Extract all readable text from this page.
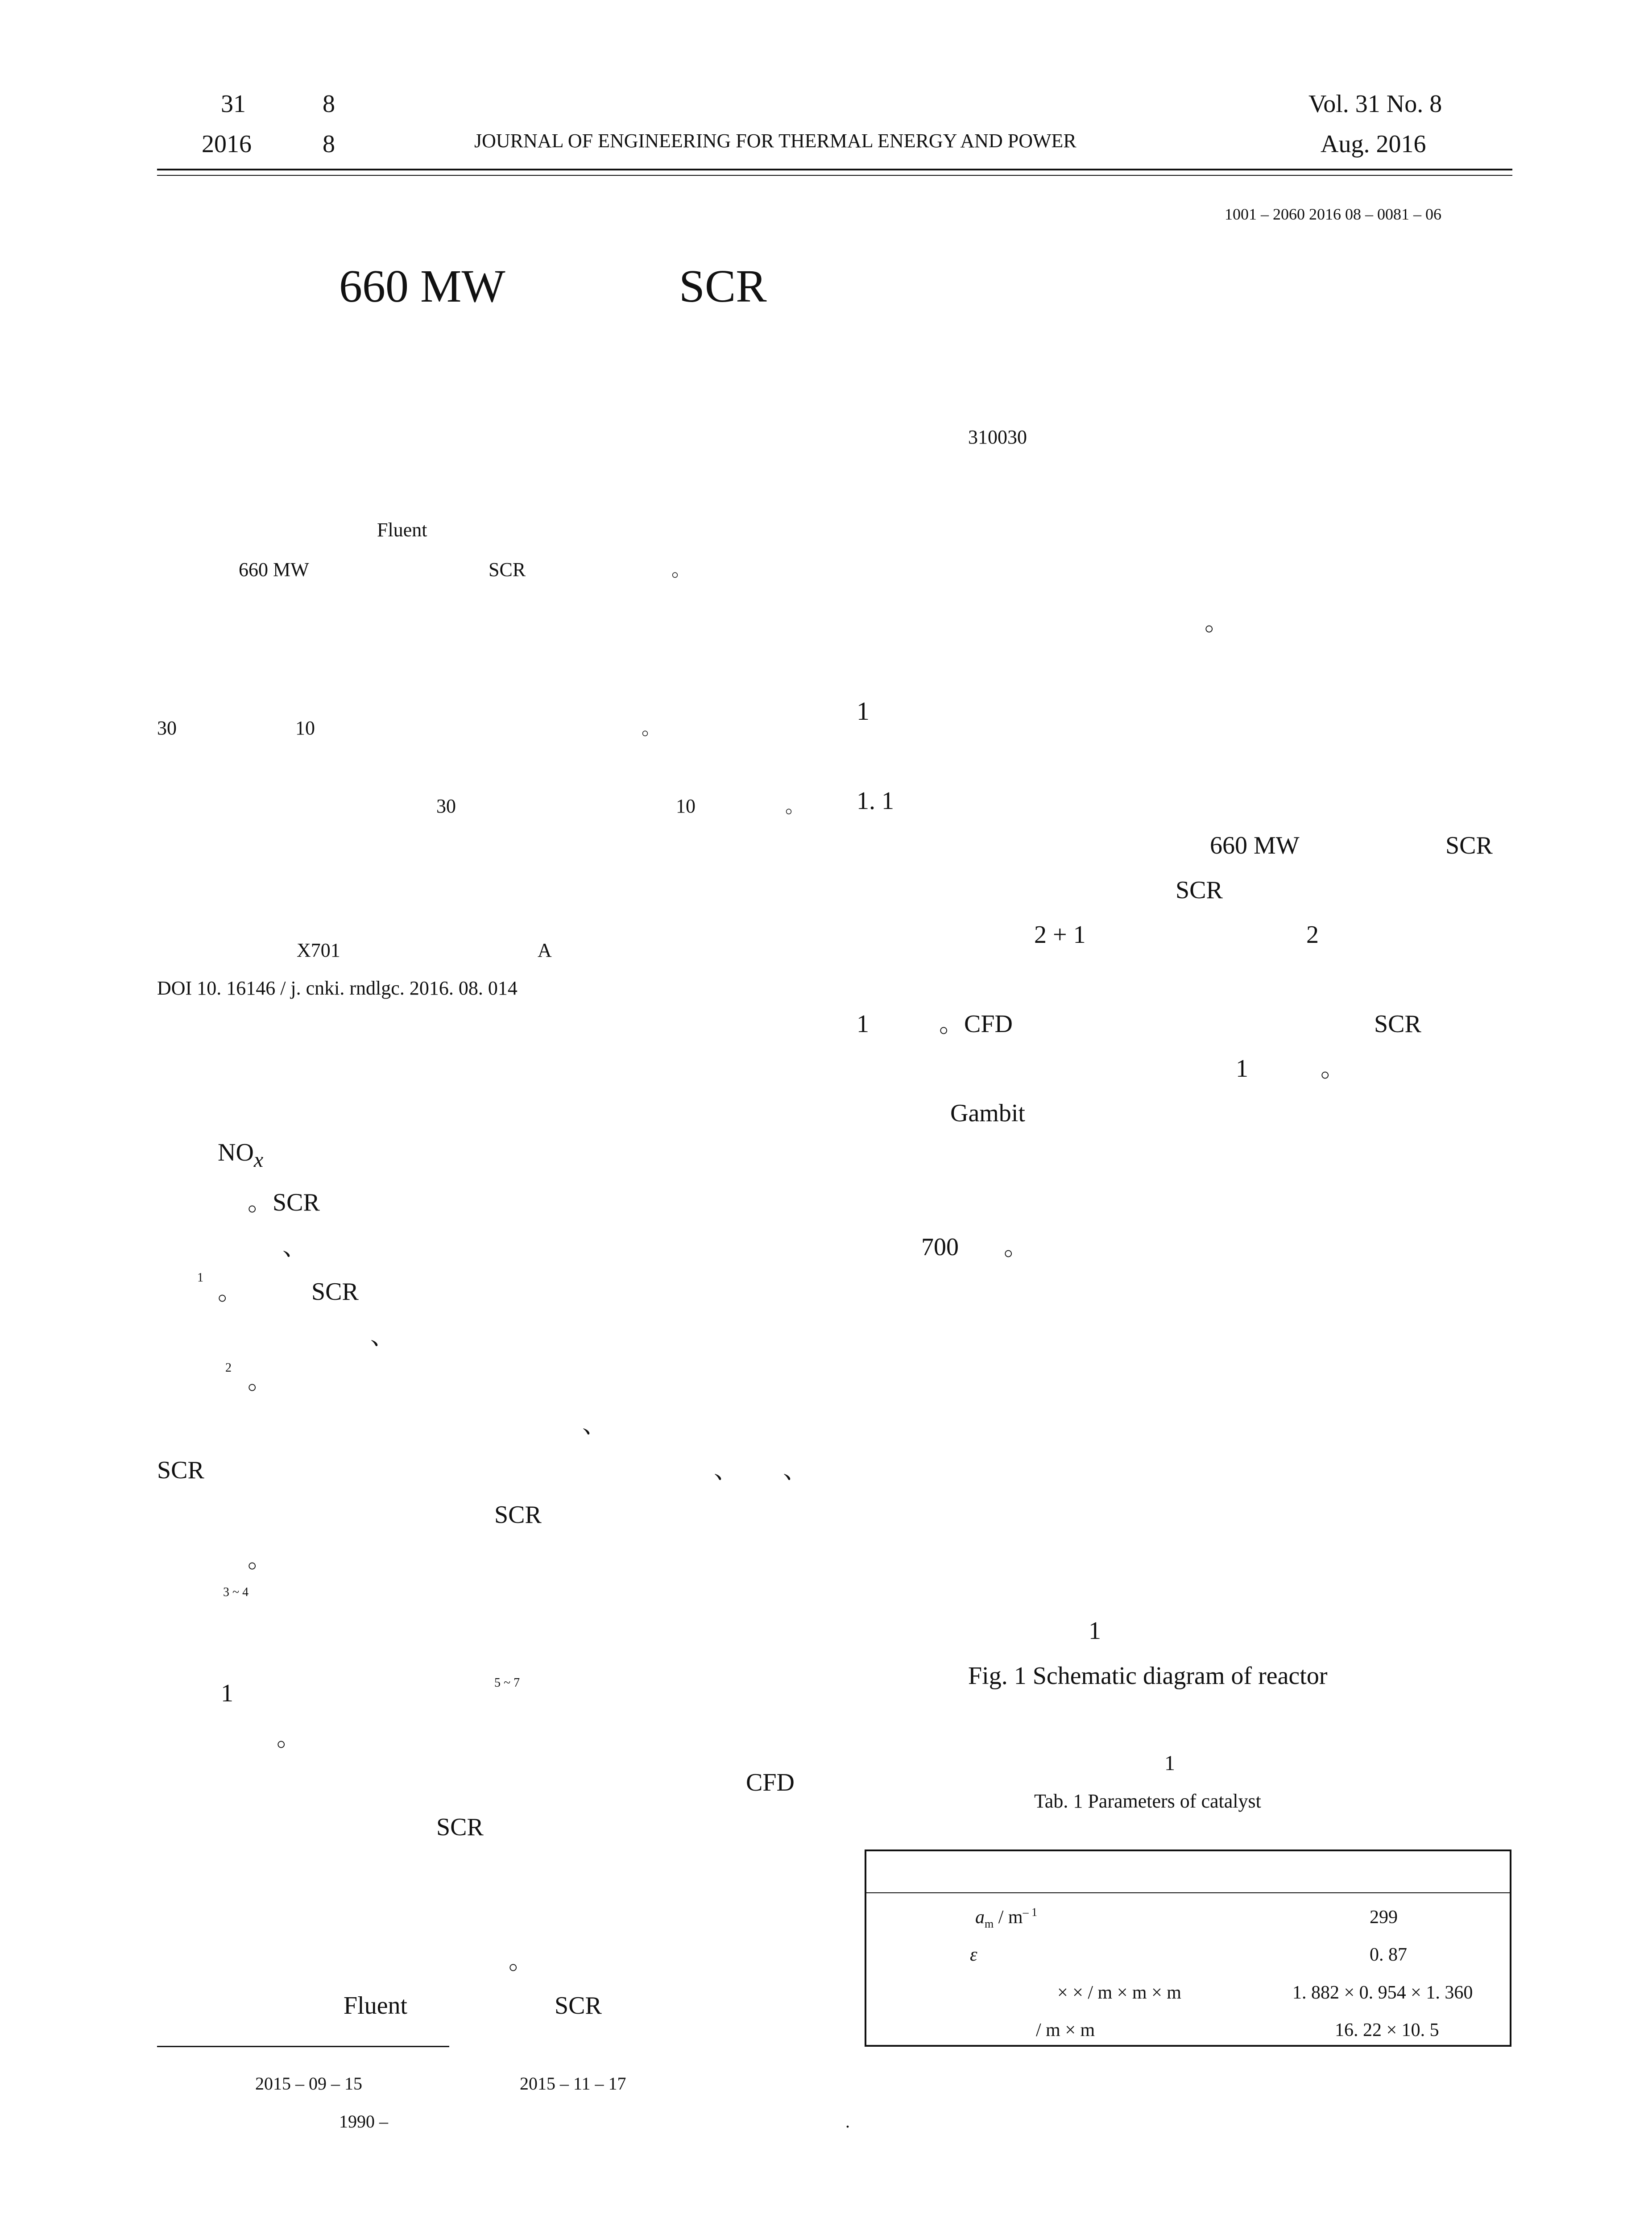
31	8
2016	8	JOURNAL OF ENGINEERING FOR THERMAL ENERGY AND POWER
Vol. 31 No. 8
Aug. 2016
1001 – 2060 2016 08 – 0081 – 06
660 MW	SCR
310030
Fluent
660 MW	SCR	。
30	10	。
30	10	。
X701	A
DOI 10. 16146 / j. cnki. rndlgc. 2016. 08. 014
NOx
。SCR
、
1
。	SCR
、
2 。
、
SCR	、 、
SCR
。
3 ~ 4
1	5 ~ 7
。
CFD
SCR
。
Fluent	SCR
2015 – 09 – 15	2015 – 11 – 17
1990 –	.
。
1
1. 1
660 MW	SCR
SCR
2 + 1	2
1	。CFD	SCR
1	。
Gambit
700 。
1
Fig. 1 Schematic diagram of reactor
1
Tab. 1 Parameters of catalyst
$a_m / m^{- 1}$	299
ε	0. 87
× × / m × m × m	1. 882 × 0. 954 × 1. 360
/ m × m	16. 22 × 10. 5
